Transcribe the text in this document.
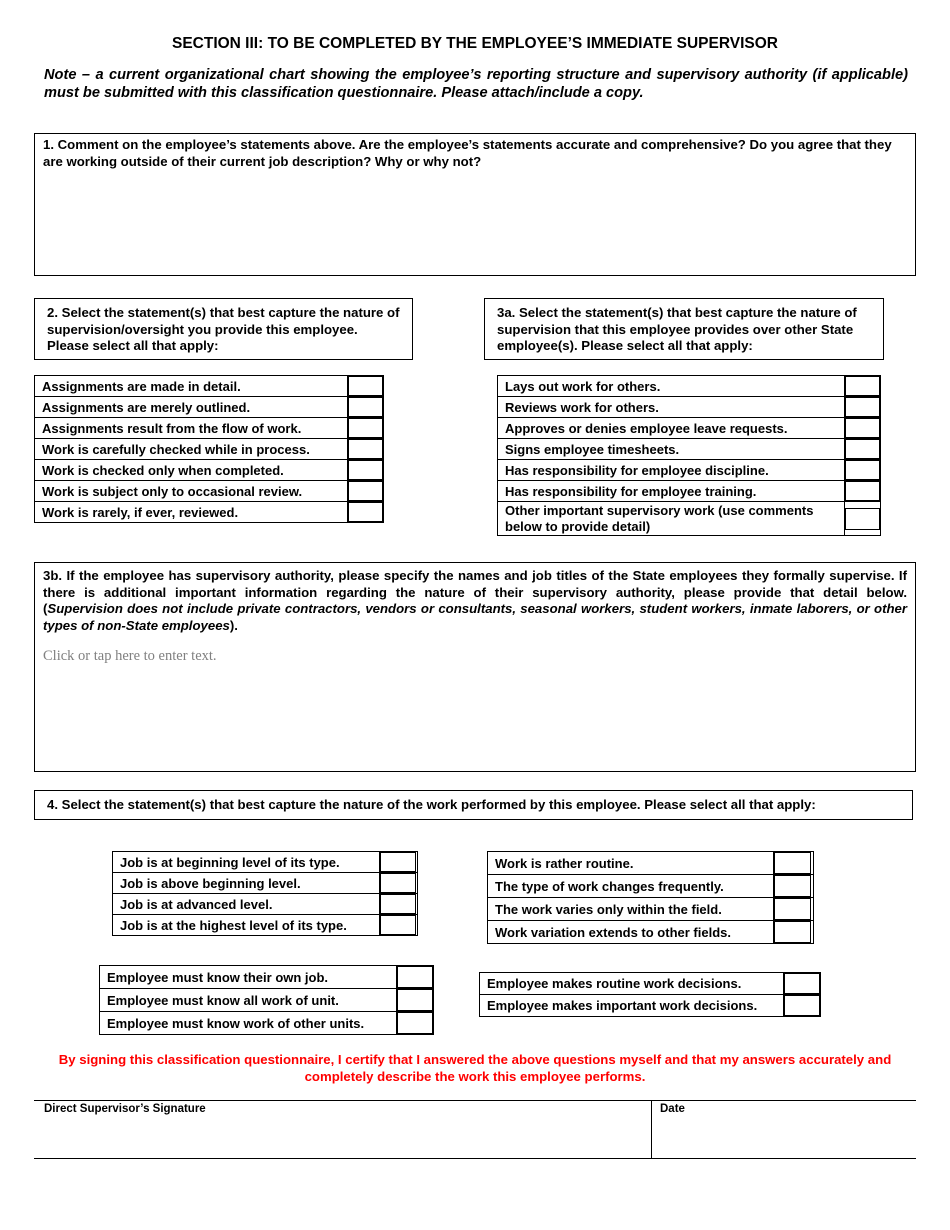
SECTION III: TO BE COMPLETED BY THE EMPLOYEE’S IMMEDIATE SUPERVISOR
Note – a current organizational chart showing the employee’s reporting structure and supervisory authority (if applicable) must be submitted with this classification questionnaire. Please attach/include a copy.
1. Comment on the employee’s statements above. Are the employee’s statements accurate and comprehensive? Do you agree that they are working outside of their current job description? Why or why not?
2. Select the statement(s) that best capture the nature of supervision/oversight you provide this employee. Please select all that apply:
3a. Select the statement(s) that best capture the nature of supervision that this employee provides over other State employee(s). Please select all that apply:
Assignments are made in detail.	

Assignments are merely outlined.	

Assignments result from the flow of work.	

Work is carefully checked while in process.	

Work is checked only when completed.	

Work is subject only to occasional review.	

Work is rarely, if ever, reviewed.	
Lays out work for others.	

Reviews work for others.	

Approves or denies employee leave requests.	

Signs employee timesheets.	

Has responsibility for employee discipline.	

Has responsibility for employee training.	

Other important supervisory work (use comments
below to provide detail)	
3b. If the employee has supervisory authority, please specify the names and job titles of the State employees they formally supervise. If there is additional important information regarding the nature of their supervisory authority, please provide that detail below. (Supervision does not include private contractors, vendors or consultants, seasonal workers, student workers, inmate laborers, or other types of non-State employees).
Click or tap here to enter text.
4. Select the statement(s) that best capture the nature of the work performed by this employee. Please select all that apply:
Job is at beginning level of its type.	

Job is above beginning level.	

Job is at advanced level.	

Job is at the highest level of its type.	
Work is rather routine.	

The type of work changes frequently.	

The work varies only within the field.	

Work variation extends to other fields.	
Employee must know their own job.	

Employee must know all work of unit.	

Employee must know work of other units.	
Employee makes routine work decisions.	

Employee makes important work decisions.	
By signing this classification questionnaire, I certify that I answered the above questions myself and that my answers accurately and completely describe the work this employee performs.
Direct Supervisor’s Signature	Date
